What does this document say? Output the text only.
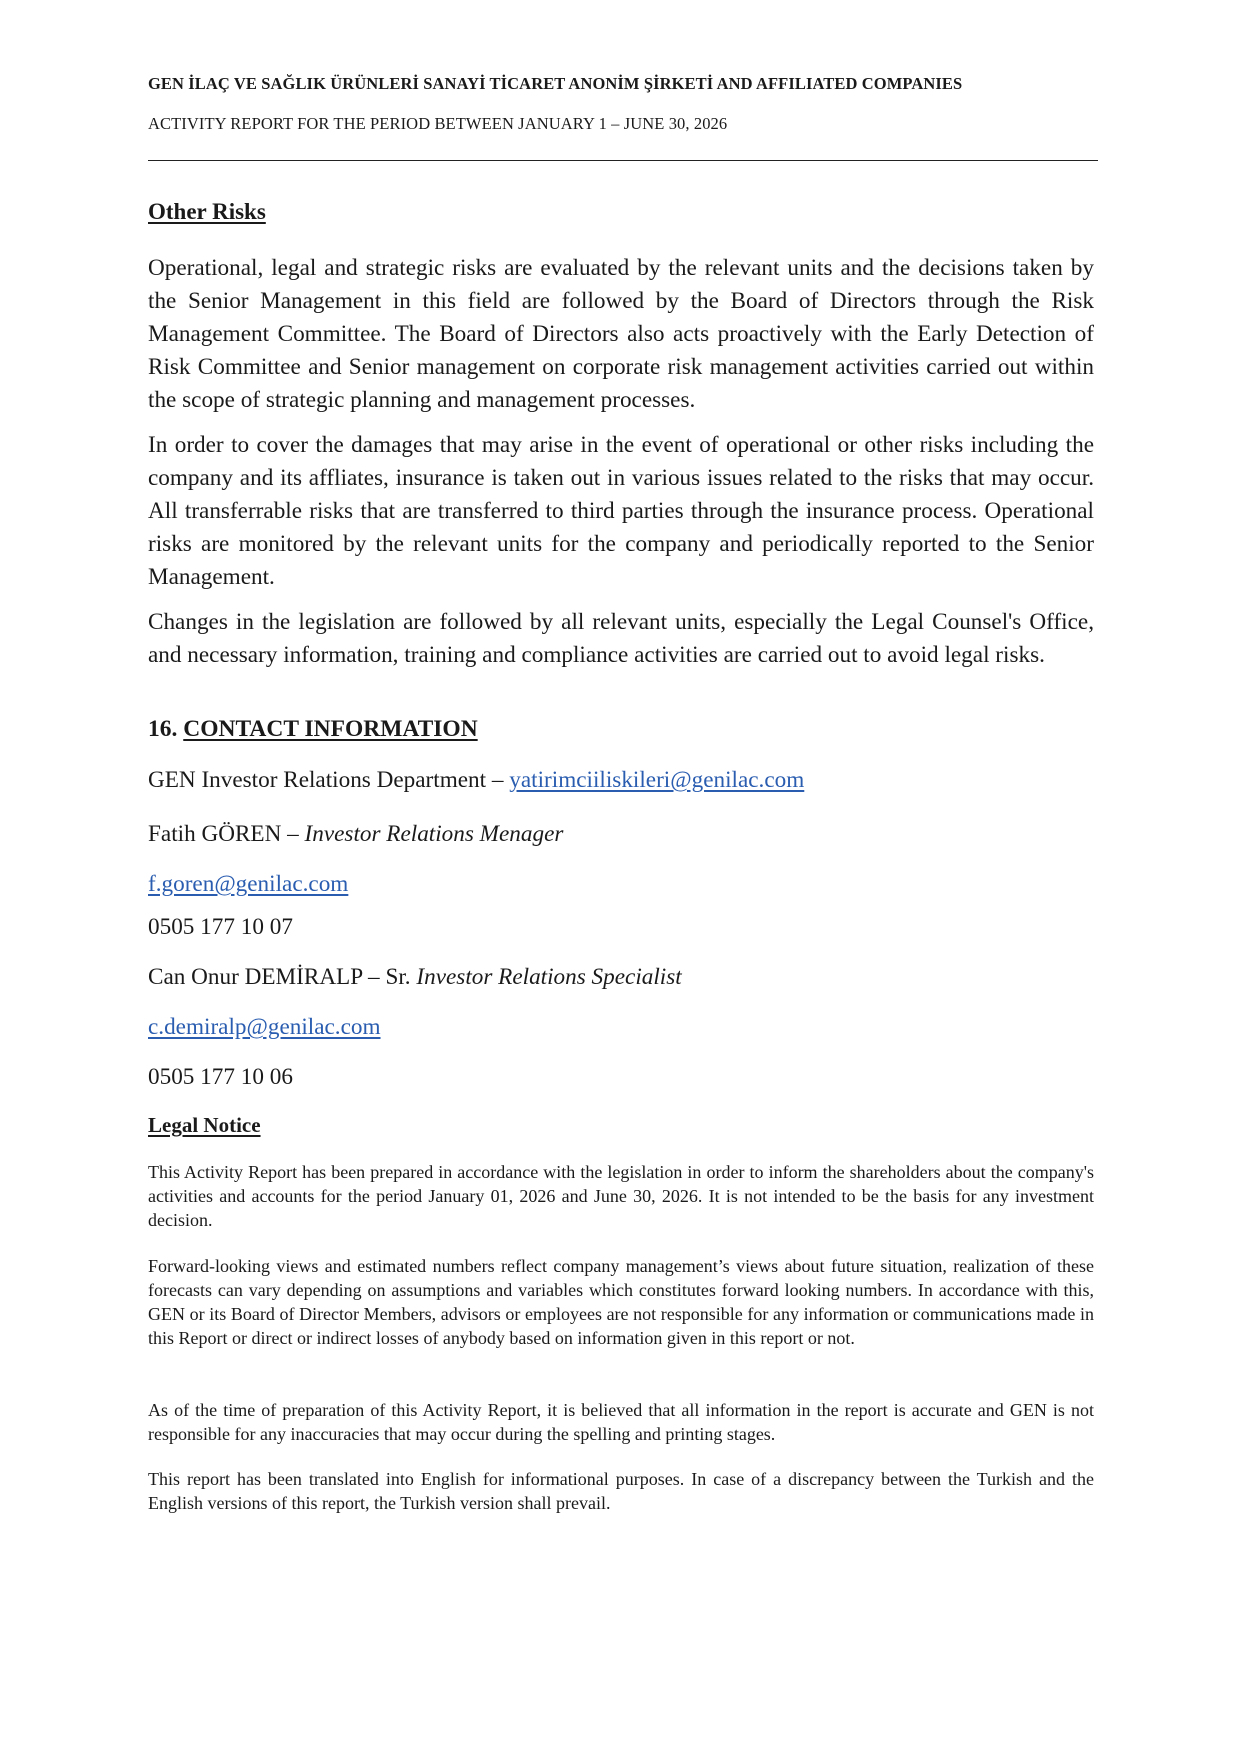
GEN İLAÇ VE SAĞLIK ÜRÜNLERİ SANAYİ TİCARET ANONİM ŞİRKETİ AND AFFILIATED COMPANIES
ACTIVITY REPORT FOR THE PERIOD BETWEEN JANUARY 1 – JUNE 30, 2026
Other Risks

Operational, legal and strategic risks are evaluated by the relevant units and the decisions taken by the Senior Management in this field are followed by the Board of Directors through the Risk Management Committee. The Board of Directors also acts proactively with the Early Detection of Risk Committee and Senior management on corporate risk management activities carried out within the scope of strategic planning and management processes.

In order to cover the damages that may arise in the event of operational or other risks including the company and its affliates, insurance is taken out in various issues related to the risks that may occur. All transferrable risks that are transferred to third parties through the insurance process. Operational risks are monitored by the relevant units for the company and periodically reported to the Senior Management.

Changes in the legislation are followed by all relevant units, especially the Legal Counsel's Office, and necessary information, training and compliance activities are carried out to avoid legal risks.

16. CONTACT INFORMATION
GEN Investor Relations Department – yatirimciiliskileri@genilac.com
Fatih GÖREN – Investor Relations Menager
f.goren@genilac.com
0505 177 10 07
Can Onur DEMİRALP – Sr. Investor Relations Specialist
c.demiralp@genilac.com
0505 177 10 06
Legal Notice

This Activity Report has been prepared in accordance with the legislation in order to inform the shareholders about the company's activities and accounts for the period January 01, 2026 and June 30, 2026. It is not intended to be the basis for any investment decision.

Forward-looking views and estimated numbers reflect company management’s views about future situation, realization of these forecasts can vary depending on assumptions and variables which constitutes forward looking numbers. In accordance with this, GEN or its Board of Director Members, advisors or employees are not responsible for any information or communications made in this Report or direct or indirect losses of anybody based on information given in this report or not.

As of the time of preparation of this Activity Report, it is believed that all information in the report is accurate and GEN is not responsible for any inaccuracies that may occur during the spelling and printing stages.

This report has been translated into English for informational purposes. In case of a discrepancy between the Turkish and the English versions of this report, the Turkish version shall prevail.
